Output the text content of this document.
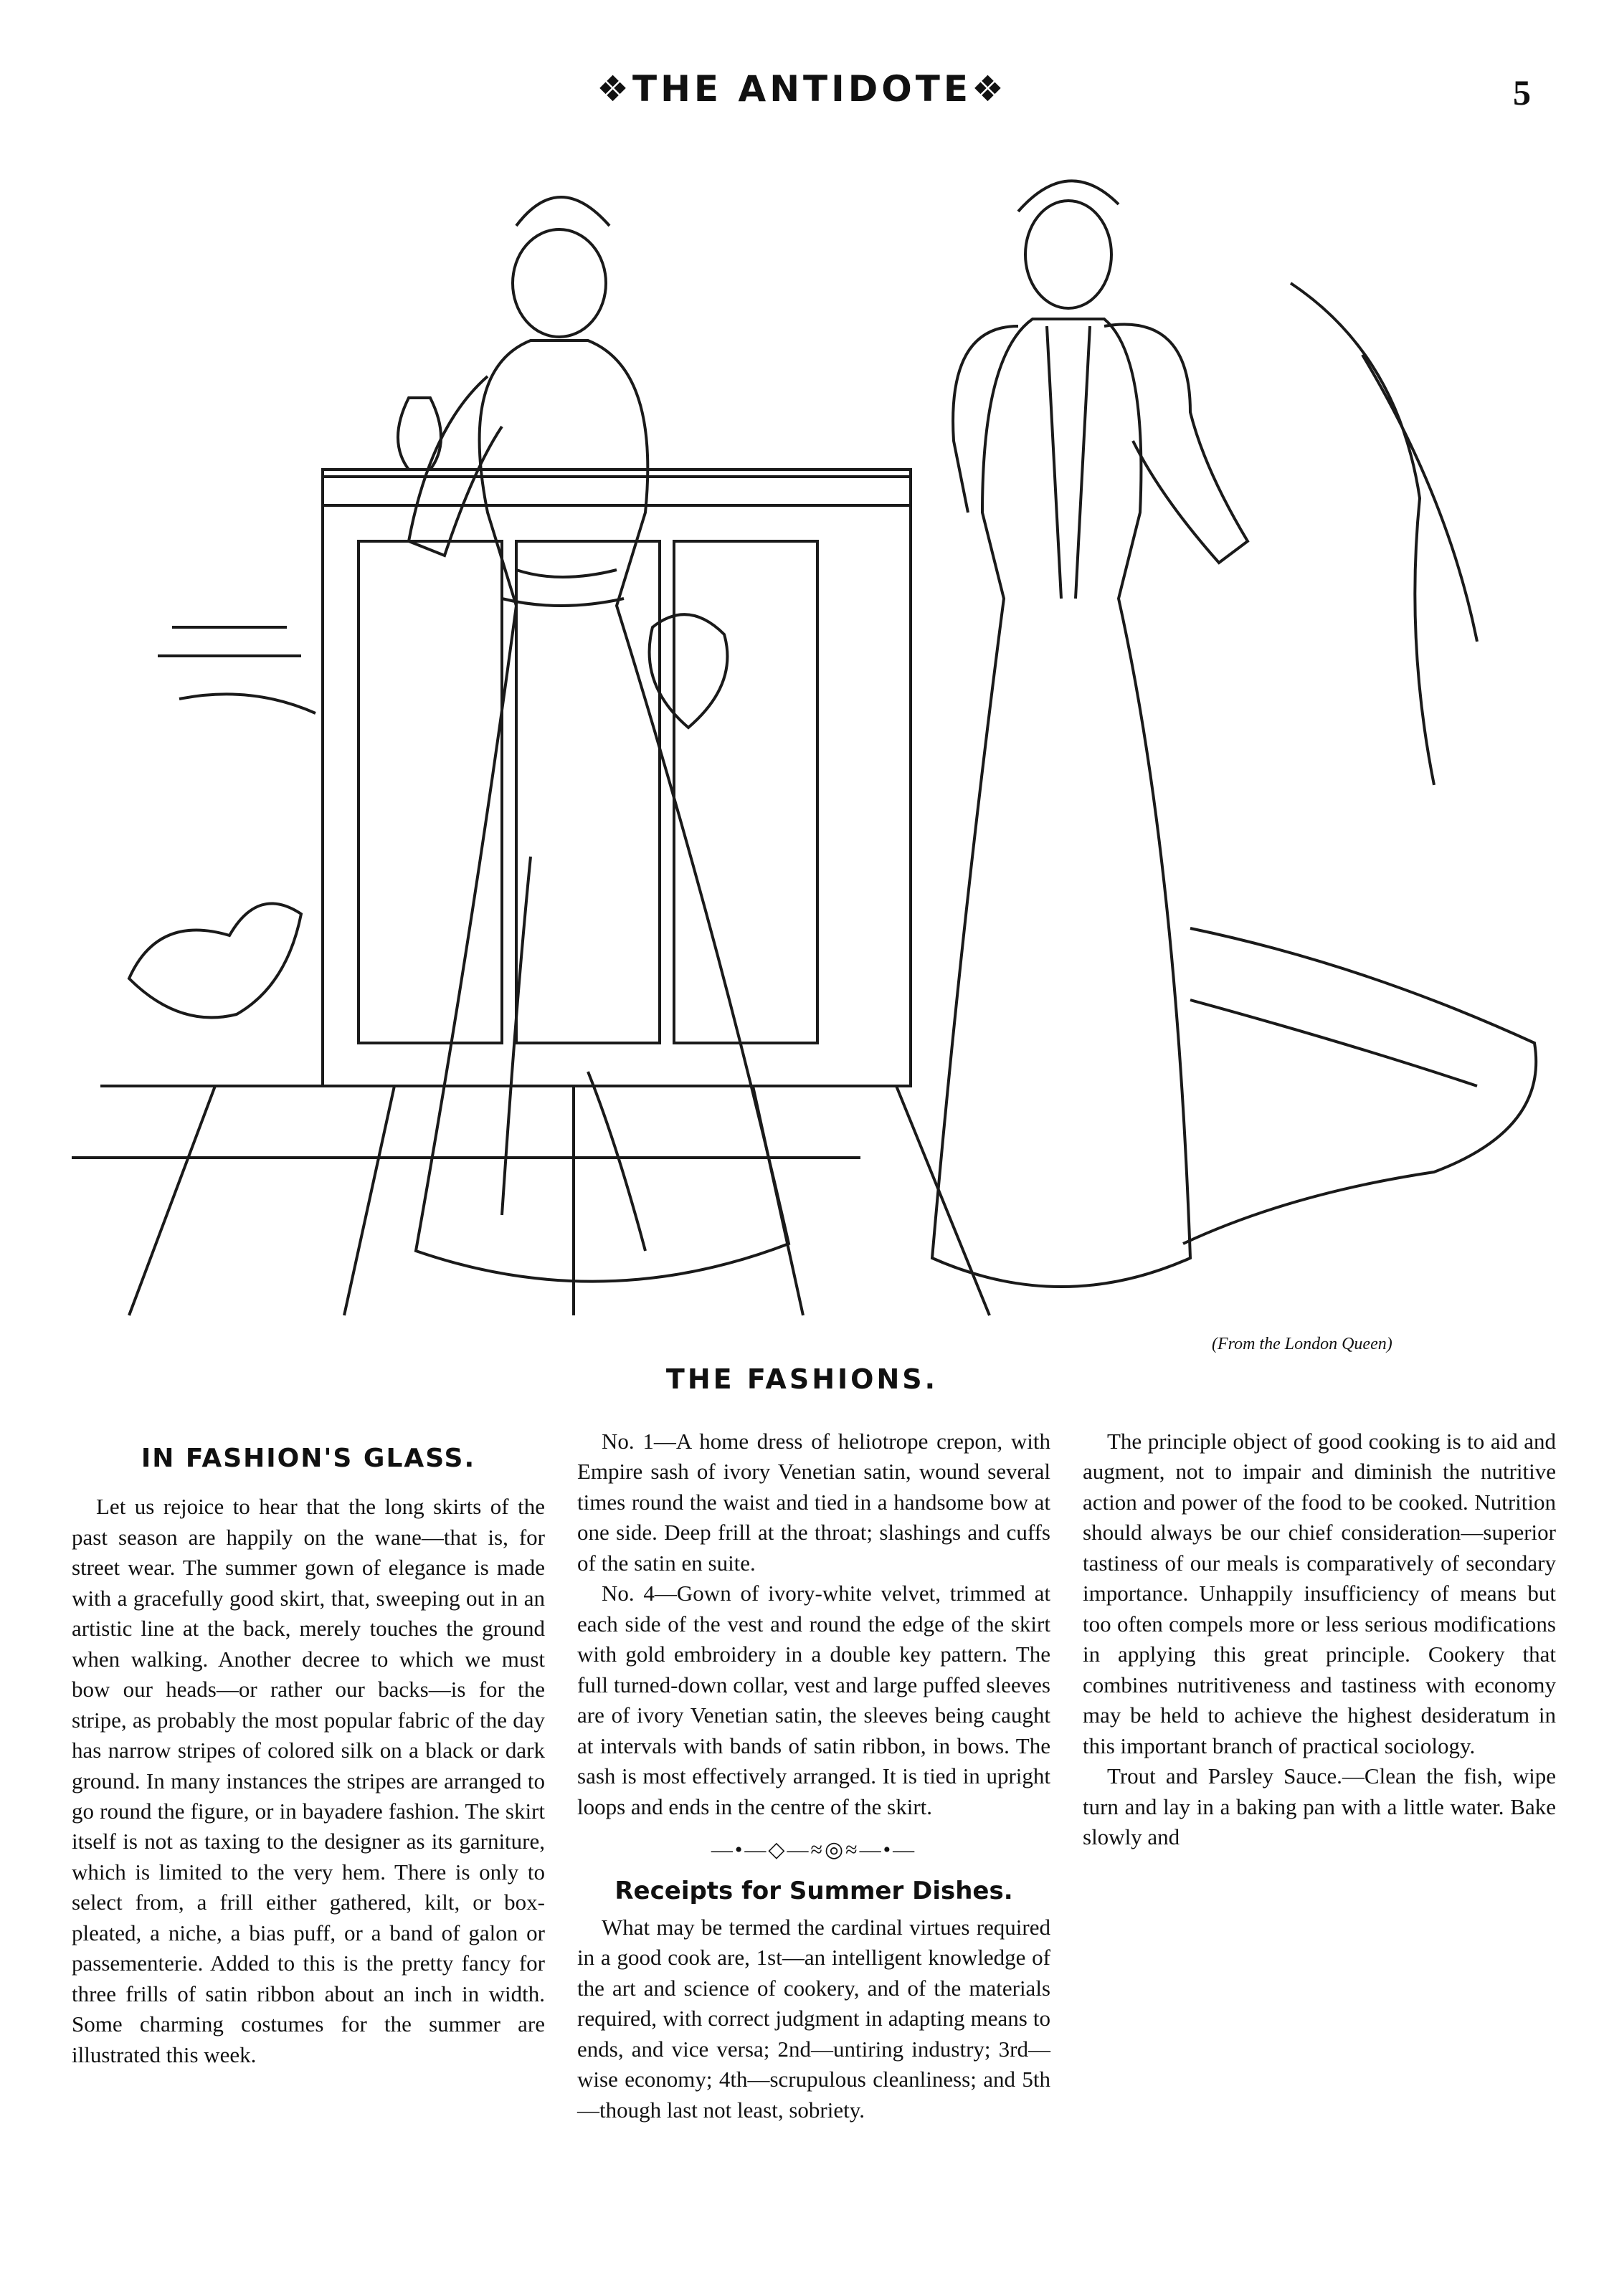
❖THE ANTIDOTE❖	5
(From the London Queen)
THE FASHIONS.
IN FASHION'S GLASS.

Let us rejoice to hear that the long skirts of the past season are happily on the wane—that is, for street wear. The summer gown of elegance is made with a gracefully good skirt, that, sweeping out in an artistic line at the back, merely touches the ground when walking. Another decree to which we must bow our heads—or rather our backs—is for the stripe, as probably the most popular fabric of the day has narrow stripes of colored silk on a black or dark ground. In many instances the stripes are arranged to go round the figure, or in bayadere fashion. The skirt itself is not as taxing to the designer as its garniture, which is limited to the very hem. There is only to select from, a frill either gathered, kilt, or box-pleated, a niche, a bias puff, or a band of galon or passementerie. Added to this is the pretty fancy for three frills of satin ribbon about an inch in width. Some charming costumes for the summer are illustrated this week.

No. 1—A home dress of heliotrope crepon, with Empire sash of ivory Venetian satin, wound several times round the waist and tied in a handsome bow at one side. Deep frill at the throat; slashings and cuffs of the satin en suite.

No. 4—Gown of ivory-white velvet, trimmed at each side of the vest and round the edge of the skirt with gold embroidery in a double key pattern. The full turned-down collar, vest and large puffed sleeves are of ivory Venetian satin, the sleeves being caught at intervals with bands of satin ribbon, in bows. The sash is most effectively arranged. It is tied in upright loops and ends in the centre of the skirt.

—•—◇—≈◎≈—•—
Receipts for Summer Dishes.

What may be termed the cardinal virtues required in a good cook are, 1st—an intelligent knowledge of the art and science of cookery, and of the materials required, with correct judgment in adapting means to ends, and vice versa; 2nd—untiring industry; 3rd—wise economy; 4th—scrupulous cleanliness; and 5th—though last not least, sobriety.

The principle object of good cooking is to aid and augment, not to impair and diminish the nutritive action and power of the food to be cooked. Nutrition should always be our chief consideration—superior tastiness of our meals is comparatively of secondary importance. Unhappily insufficiency of means but too often compels more or less serious modifications in applying this great principle. Cookery that combines nutritiveness and tastiness with economy may be held to achieve the highest desideratum in this important branch of practical sociology.

Trout and Parsley Sauce.—Clean the fish, wipe turn and lay in a baking pan with a little water. Bake slowly and
